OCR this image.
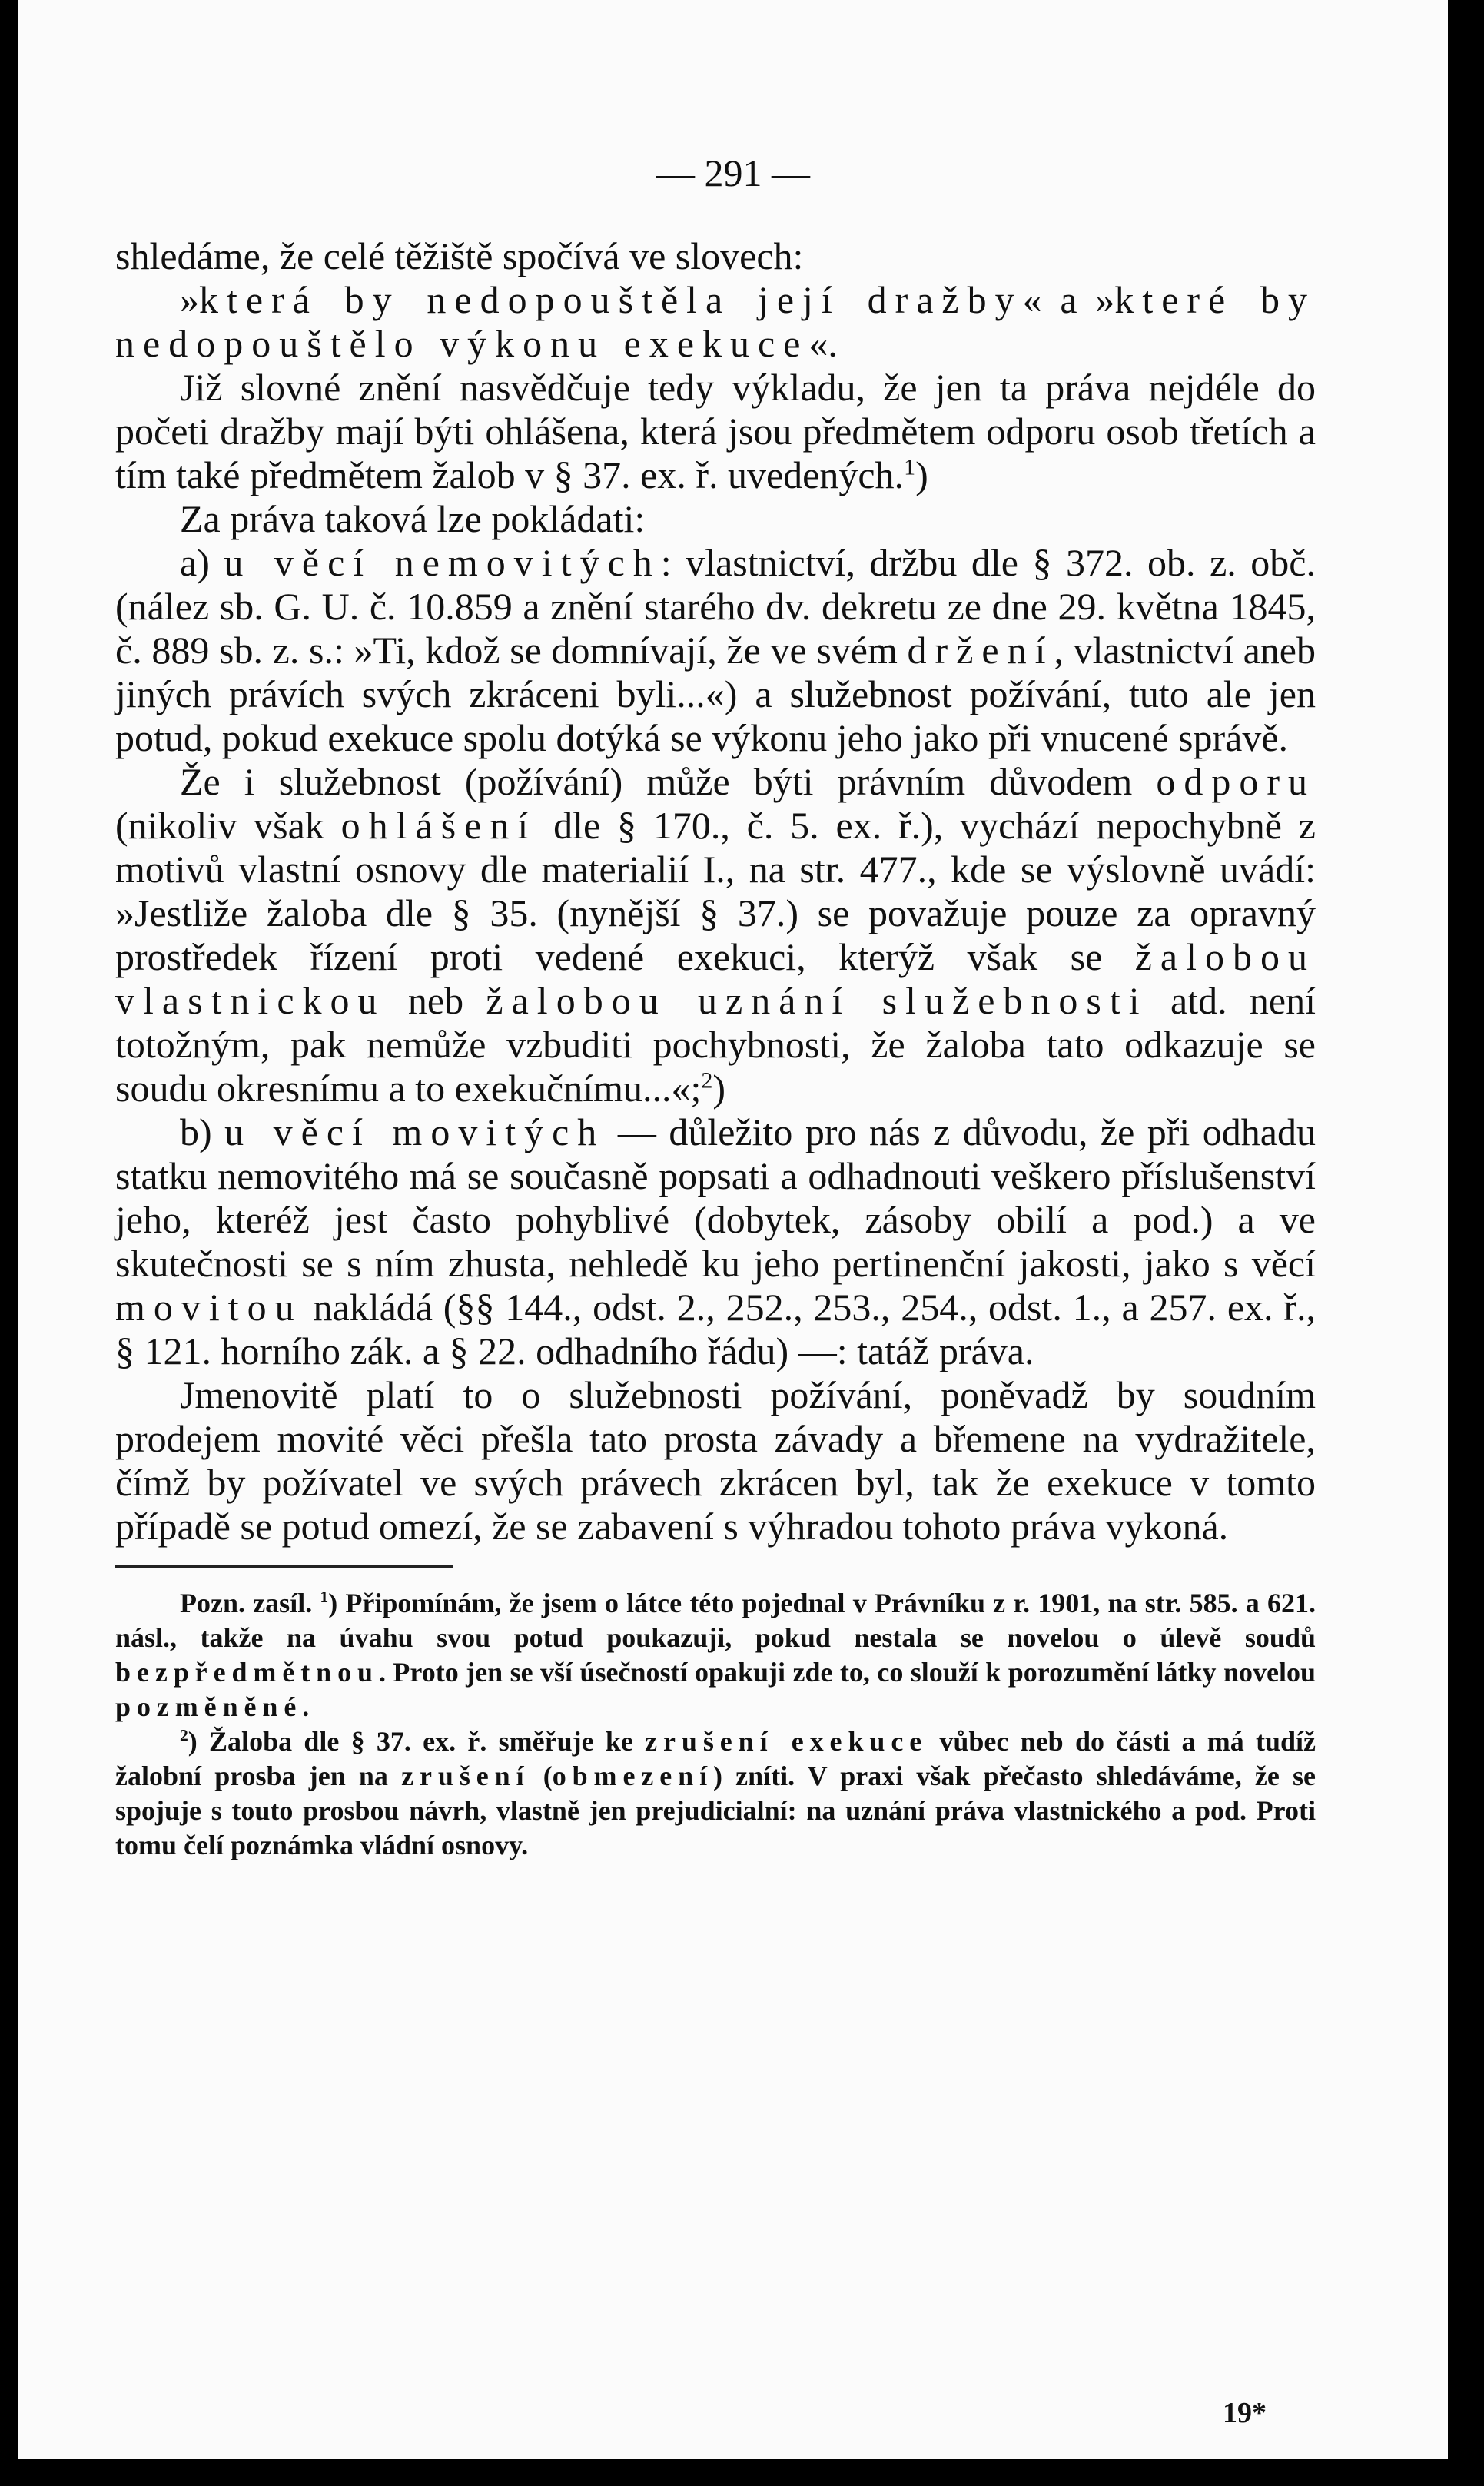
— 291 —

shledáme, že celé těžiště spočívá ve slovech:

»která by nedopouštěla její dražby« a »které by nedopouštělo výkonu exekuce«.

Již slovné znění nasvědčuje tedy výkladu, že jen ta práva nejdéle do početi dražby mají býti ohlášena, která jsou předmětem odporu osob třetích a tím také předmětem žalob v § 37. ex. ř. uvedených.$^1$)

Za práva taková lze pokládati:

a) u věcí nemovitých: vlastnictví, držbu dle § 372. ob. z. obč. (nález sb. G. U. č. 10.859 a znění starého dv. dekretu ze dne 29. května 1845, č. 889 sb. z. s.: »Ti, kdož se domnívají, že ve svém držení, vlastnictví aneb jiných právích svých zkráceni byli...«) a služebnost požívání, tuto ale jen potud, pokud exekuce spolu dotýká se výkonu jeho jako při vnucené správě.

Že i služebnost (požívání) může býti právním důvodem odporu (nikoliv však ohlášení dle § 170., č. 5. ex. ř.), vychází nepochybně z motivů vlastní osnovy dle materialií I., na str. 477., kde se výslovně uvádí: »Jestliže žaloba dle § 35. (nynější § 37.) se považuje pouze za opravný prostředek řízení proti vedené exekuci, kterýž však se žalobou vlastnickou neb žalobou uznání služebnosti atd. není totožným, pak nemůže vzbuditi pochybnosti, že žaloba tato odkazuje se soudu okresnímu a to exekučnímu...«;$^2$)

b) u věcí movitých — důležito pro nás z důvodu, že při odhadu statku nemovitého má se současně popsati a odhadnouti veškero příslušenství jeho, kteréž jest často pohyblivé (dobytek, zásoby obilí a pod.) a ve skutečnosti se s ním zhusta, nehledě ku jeho pertinenční jakosti, jako s věcí movitou nakládá (§§ 144., odst. 2., 252., 253., 254., odst. 1., a 257. ex. ř., § 121. horního zák. a § 22. odhadního řádu) —: tatáž práva.

Jmenovitě platí to o služebnosti požívání, poněvadž by soudním prodejem movité věci přešla tato prosta závady a břemene na vydražitele, čímž by požívatel ve svých právech zkrácen byl, tak že exekuce v tomto případě se potud omezí, že se zabavení s výhradou tohoto práva vykoná.

Pozn. zasíl. $^1$) Připomínám, že jsem o látce této pojednal v Právníku z r. 1901, na str. 585. a 621. násl., takže na úvahu svou potud poukazuji, pokud nestala se novelou o úlevě soudů bezpředmětnou. Proto jen se vší úsečností opakuji zde to, co slouží k porozumění látky novelou pozměněné.

$^2$) Žaloba dle § 37. ex. ř. směřuje ke zrušení exekuce vůbec neb do části a má tudíž žalobní prosba jen na zrušení (obmezení) zníti. V praxi však přečasto shledáváme, že se spojuje s touto prosbou návrh, vlastně jen prejudicialní: na uznání práva vlastnického a pod. Proti tomu čelí poznámka vládní osnovy.

19*
